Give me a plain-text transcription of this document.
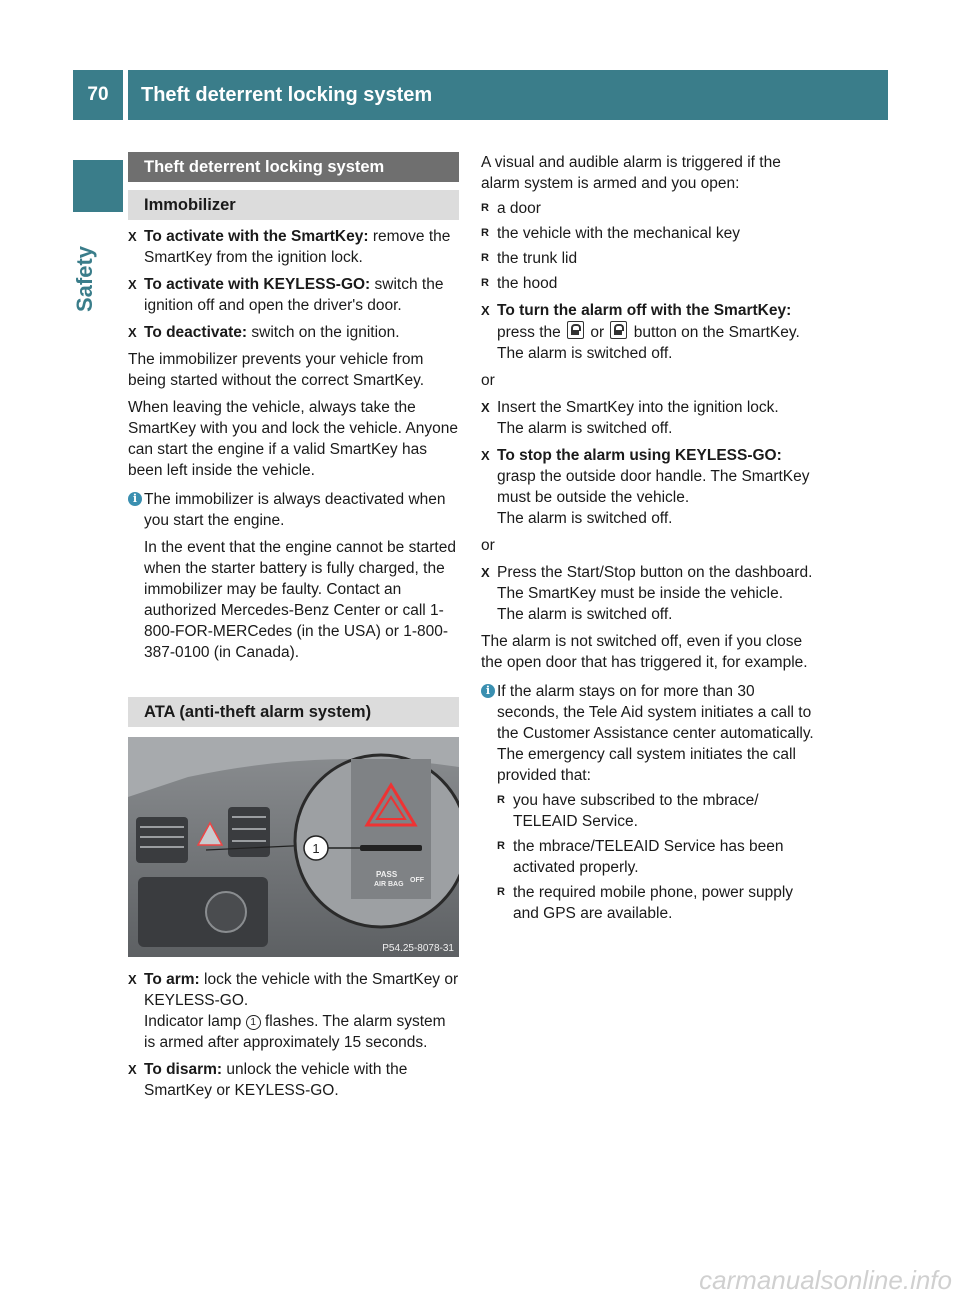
70	Theft deterrent locking system
Safety
Theft deterrent locking system
Immobilizer
X To activate with the SmartKey: remove the SmartKey from the ignition lock.
X To activate with KEYLESS-GO: switch the ignition off and open the driver's door.
X To deactivate: switch on the ignition.

The immobilizer prevents your vehicle from being started without the correct SmartKey.

When leaving the vehicle, always take the SmartKey with you and lock the vehicle. Anyone can start the engine if a valid SmartKey has been left inside the vehicle.

i The immobilizer is always deactivated when you start the engine.
In the event that the engine cannot be started when the starter battery is fully charged, the immobilizer may be faulty. Contact an authorized Mercedes-Benz Center or call 1-800-FOR-MERCedes (in the USA) or 1-800-387-0100 (in Canada).
ATA (anti-theft alarm system)
1
PASS
AIR BAG
OFF
P54.25-8078-31
X To arm: lock the vehicle with the SmartKey or KEYLESS-GO.
Indicator lamp 1 flashes. The alarm system is armed after approximately 15 seconds.
X To disarm: unlock the vehicle with the SmartKey or KEYLESS-GO.
A visual and audible alarm is triggered if the alarm system is armed and you open:
R a door
R the vehicle with the mechanical key
R the trunk lid
R the hood
X To turn the alarm off with the SmartKey: press the  or  button on the SmartKey.
The alarm is switched off.

or

X Insert the SmartKey into the ignition lock.
The alarm is switched off.
X To stop the alarm using KEYLESS-GO: grasp the outside door handle. The SmartKey must be outside the vehicle.
The alarm is switched off.

or

X Press the Start/Stop button on the dashboard. The SmartKey must be inside the vehicle.
The alarm is switched off.

The alarm is not switched off, even if you close the open door that has triggered it, for example.

i If the alarm stays on for more than 30 seconds, the Tele Aid system initiates a call to the Customer Assistance center automatically. The emergency call system initiates the call provided that:
R you have subscribed to the mbrace/ TELEAID Service.
R the mbrace/TELEAID Service has been activated properly.
R the required mobile phone, power supply and GPS are available.
carmanualsonline.info
